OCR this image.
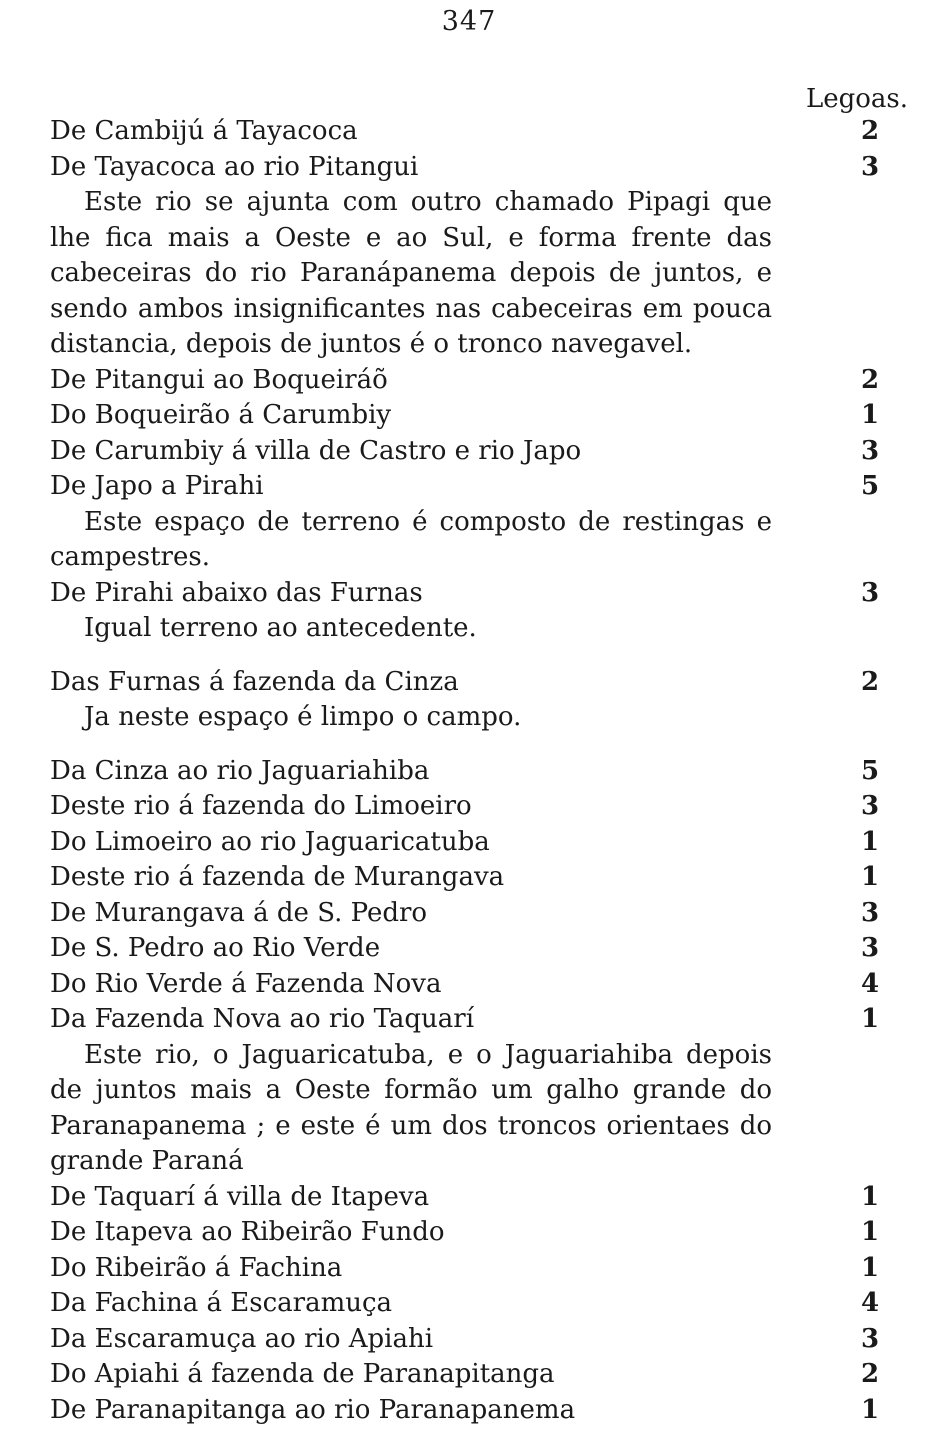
347
Legoas.
De Cambijú á Tayacoca	2
De Tayacoca ao rio Pitangui	3
Este rio se ajunta com outro chamado Pipagi que lhe fica mais a Oeste e ao Sul, e forma frente das cabeceiras do rio Paranápanema depois de juntos, e sendo ambos insignificantes nas cabeceiras em pouca distancia, depois de juntos é o tronco navegavel.
De Pitangui ao Boqueiráõ	2
Do Boqueirão á Carumbiy	1
De Carumbiy á villa de Castro e rio Japo	3
De Japo a Pirahi	5
Este espaço de terreno é composto de restingas e campestres.
De Pirahi abaixo das Furnas	3
Igual terreno ao antecedente.
Das Furnas á fazenda da Cinza	2
Ja neste espaço é limpo o campo.
Da Cinza ao rio Jaguariahiba	5
Deste rio á fazenda do Limoeiro	3
Do Limoeiro ao rio Jaguaricatuba	1
Deste rio á fazenda de Murangava	1
De Murangava á de S. Pedro	3
De S. Pedro ao Rio Verde	3
Do Rio Verde á Fazenda Nova	4
Da Fazenda Nova ao rio Taquarí	1
Este rio, o Jaguaricatuba, e o Jaguariahiba depois de juntos mais a Oeste formão um galho grande do Paranapanema ; e este é um dos troncos orientaes do grande Paraná
De Taquarí á villa de Itapeva	1
De Itapeva ao Ribeirão Fundo	1
Do Ribeirão á Fachina	1
Da Fachina á Escaramuça	4
Da Escaramuça ao rio Apiahi	3
Do Apiahi á fazenda de Paranapitanga	2
De Paranapitanga ao rio Paranapanema	1
